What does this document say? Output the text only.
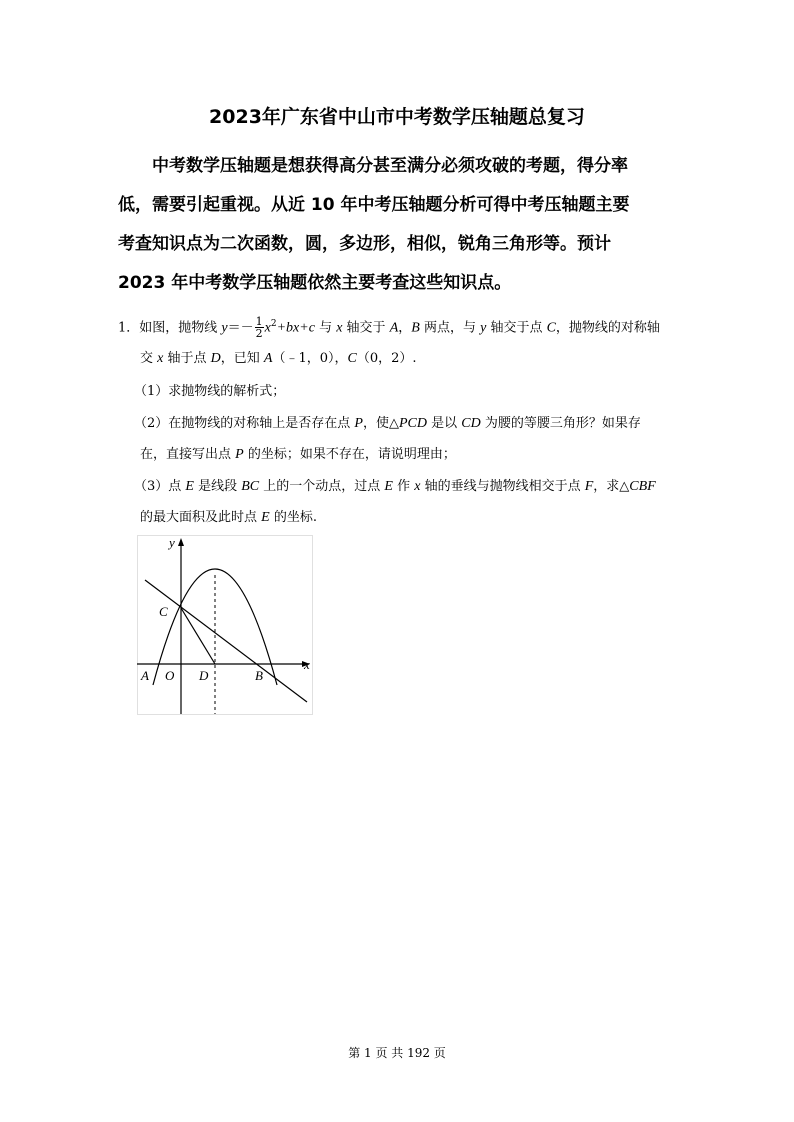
2023年广东省中山市中考数学压轴题总复习
中考数学压轴题是想获得高分甚至满分必须攻破的考题，得分率
低，需要引起重视。从近 10 年中考压轴题分析可得中考压轴题主要
考查知识点为二次函数，圆，多边形，相似，锐角三角形等。预计
2023 年中考数学压轴题依然主要考查这些知识点。
1．如图，抛物线 $y=- \frac{1}{2} x^2+bx+c$ 与 x 轴交于 A，B 两点，与 y 轴交于点 C，抛物线的对称轴
交 x 轴于点 D，已知 A（﹣1，0），C（0，2）.
（1）求抛物线的解析式；
（2）在抛物线的对称轴上是否存在点 P，使△PCD 是以 CD 为腰的等腰三角形？如果存
在，直接写出点 P 的坐标；如果不存在，请说明理由；
（3）点 E 是线段 BC 上的一个动点，过点 E 作 x 轴的垂线与抛物线相交于点 F，求△CBF
的最大面积及此时点 E 的坐标.
y
x
C
A O D	B
第 1 页 共 192 页
